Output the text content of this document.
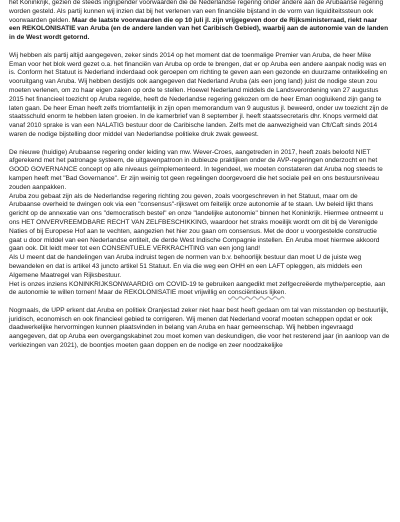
het Koninkrijk, gezien de steeds ingrijpender voorwaarden die de Nederlandse regering onder andere aan de Arubaanse regering worden gesteld. Als partij kunnen wij inzien dat bij het verlenen van een financiële bijstand in de vorm van liquiditeitssteun ook voorwaarden gelden. Maar de laatste voorwaarden die op 10 juli jl. zijn vrijgegeven door de Rijksministerraad, riekt naar een REKOLONISATIE van Aruba (en de andere landen van het Caribisch Gebied), waarbij aan de autonomie van de landen in de West wordt getornd.
Wij hebben als partij altijd aangegeven, zeker sinds 2014 op het moment dat de toenmalige Premier van Aruba, de heer Mike Eman voor het blok werd gezet o.a. het financiën van Aruba op orde te brengen, dat er op Aruba een andere aanpak nodig was en is. Conform het Statuut is Nederland inderdaad ook geroepen om richting te geven aan een gezonde en duurzame ontwikkeling en vooruitgang van Aruba. Wij hebben destijds ook aangegeven dat Nederland Aruba (als een jong land) juist de nodige steun zou moeten verlenen, om zo haar eigen zaken op orde te stellen. Hoewel Nederland middels de Landsverordening van 27 augustus 2015 het financieel toezicht op Aruba regelde, heeft de Nederlandse regering gekozen om de heer Eman oogluikend zijn gang te laten gaan. De heer Eman heeft zelfs triomfantelijk in zijn open memorandum van 9 augustus jl. beweerd, onder uw toezicht zijn de staatsschuld enorm te hebben laten groeien. In de kamerbrief van 8 september jl. heeft staatssecretaris dhr. Knops vermeld dat vanaf 2010 sprake is van een NALATIG bestuur door de Caribische landen. Zelfs met de aanwezigheid van Cft/Caft sinds 2014 waren de nodige bijstelling door middel van Nederlandse politieke druk zwak geweest.
De nieuwe (huidige) Arubaanse regering onder leiding van mw. Wever-Croes, aangetreden in 2017, heeft zoals beloofd NIET afgerekend met het patronage systeem, de uitgavenpatroon in dubieuze praktijken onder de AVP-regeringen onderzocht en het GOOD GOVERNANCE concept op alle niveaus geïmplementeerd. In tegendeel, we moeten constateren dat Aruba nog steeds te kampen heeft met "Bad Governance". Er zijn weinig tot geen regelingen doorgevoerd die het sociale peil en ons bestuursniveau zouden aanpakken.
Aruba zou gebaat zijn als de Nederlandse regering richting zou geven, zoals voorgeschreven in het Statuut, maar om de Arubaanse overheid te dwingen ook via een "consensus"-rijkswet om feitelijk onze autonomie af te staan. Uw beleid lijkt thans gericht op de annexatie van ons "democratisch bestel" en onze "landelijke autonomie" binnen het Koninkrijk. Hiermee ontneemt u ons HET ONVERVREEMDBARE RECHT VAN ZELFBESCHIKKING, waardoor het straks moeilijk wordt om dit bij de Verenigde Naties of bij Europese Hof aan te vechten, aangezien het hier zou gaan om consensus. Met de door u voorgestelde constructie gaat u door middel van een Nederlandse entiteit, de derde West Indische Compagnie instellen. En Aruba moet hiermee akkoord gaan ook. Dit leidt meer tot een CONSENTUELE VERKRACHTING van een jong land!
Als U meent dat de handelingen van Aruba indruist tegen de normen van b.v. behoorlijk bestuur dan moet U de juiste weg bewandelen en dat is artikel 43 juncto artikel 51 Statuut. En via die weg een OHH en een LAFT opleggen, als middels een Algemene Maatregel van Rijksbestuur.
Het is onzes inziens KONINKRIJKSONWAARDIG om COVID-19 te gebruiken aangedikt met zelfgecreëerde mythe/perceptie, aan de autonomie te willen tornen! Maar de REKOLONISATIE moet vrijwillig en consciëntieus lijken.
Nogmaals, de UPP erkent dat Aruba en politiek Oranjestad zeker niet haar best heeft gedaan om tal van misstanden op bestuurlijk, juridisch, economisch en ook financieel gebied te corrigeren. Wij menen dat Nederland vooraf moeten scheppen opdat er ook daadwerkelijke hervormingen kunnen plaatsvinden in belang van Aruba en haar gemeenschap. Wij hebben ingevraagd aangegeven, dat op Aruba een overgangskabinet zou moet komen van deskundigen, die voor het resterend jaar (in aanloop van de verkiezingen van 2021), de boontjes moeten gaan doppen en de nodige en zeer noodzakelijke
